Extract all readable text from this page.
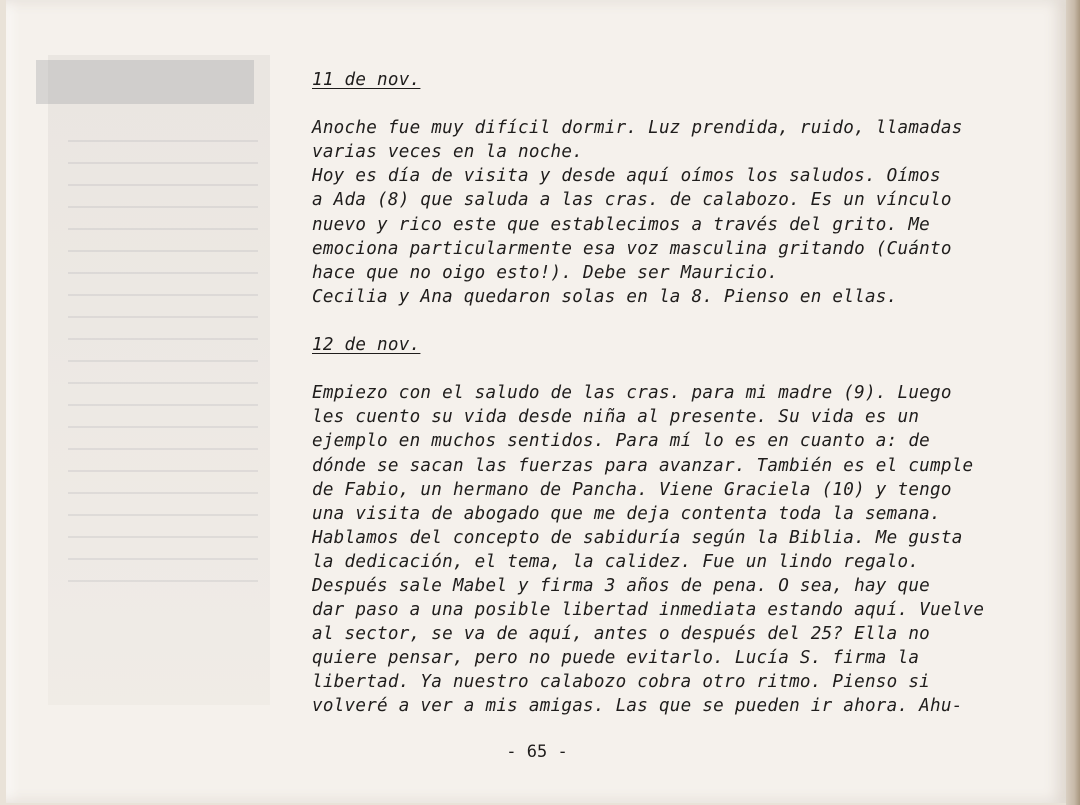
11 de nov.

Anoche fue muy difícil dormir. Luz prendida, ruido, llamadas

varias veces en la noche.

Hoy es día de visita y desde aquí oímos los saludos. Oímos

a Ada (8) que saluda a las cras. de calabozo. Es un vínculo

nuevo y rico este que establecimos a través del grito. Me

emociona particularmente esa voz masculina gritando (Cuánto

hace que no oigo esto!). Debe ser Mauricio.

Cecilia y Ana quedaron solas en la 8. Pienso en ellas.

12 de nov.

Empiezo con el saludo de las cras. para mi madre (9). Luego

les cuento su vida desde niña al presente. Su vida es un

ejemplo en muchos sentidos. Para mí lo es en cuanto a: de

dónde se sacan las fuerzas para avanzar. También es el cumple

de Fabio, un hermano de Pancha. Viene Graciela (10) y tengo

una visita de abogado que me deja contenta toda la semana.

Hablamos del concepto de sabiduría según la Biblia. Me gusta

la dedicación, el tema, la calidez. Fue un lindo regalo.

Después sale Mabel y firma 3 años de pena. O sea, hay que

dar paso a una posible libertad inmediata estando aquí. Vuelve

al sector, se va de aquí, antes o después del 25? Ella no

quiere pensar, pero no puede evitarlo. Lucía S. firma la

libertad. Ya nuestro calabozo cobra otro ritmo. Pienso si

volveré a ver a mis amigas. Las que se pueden ir ahora. Ahu-

- 65 -
